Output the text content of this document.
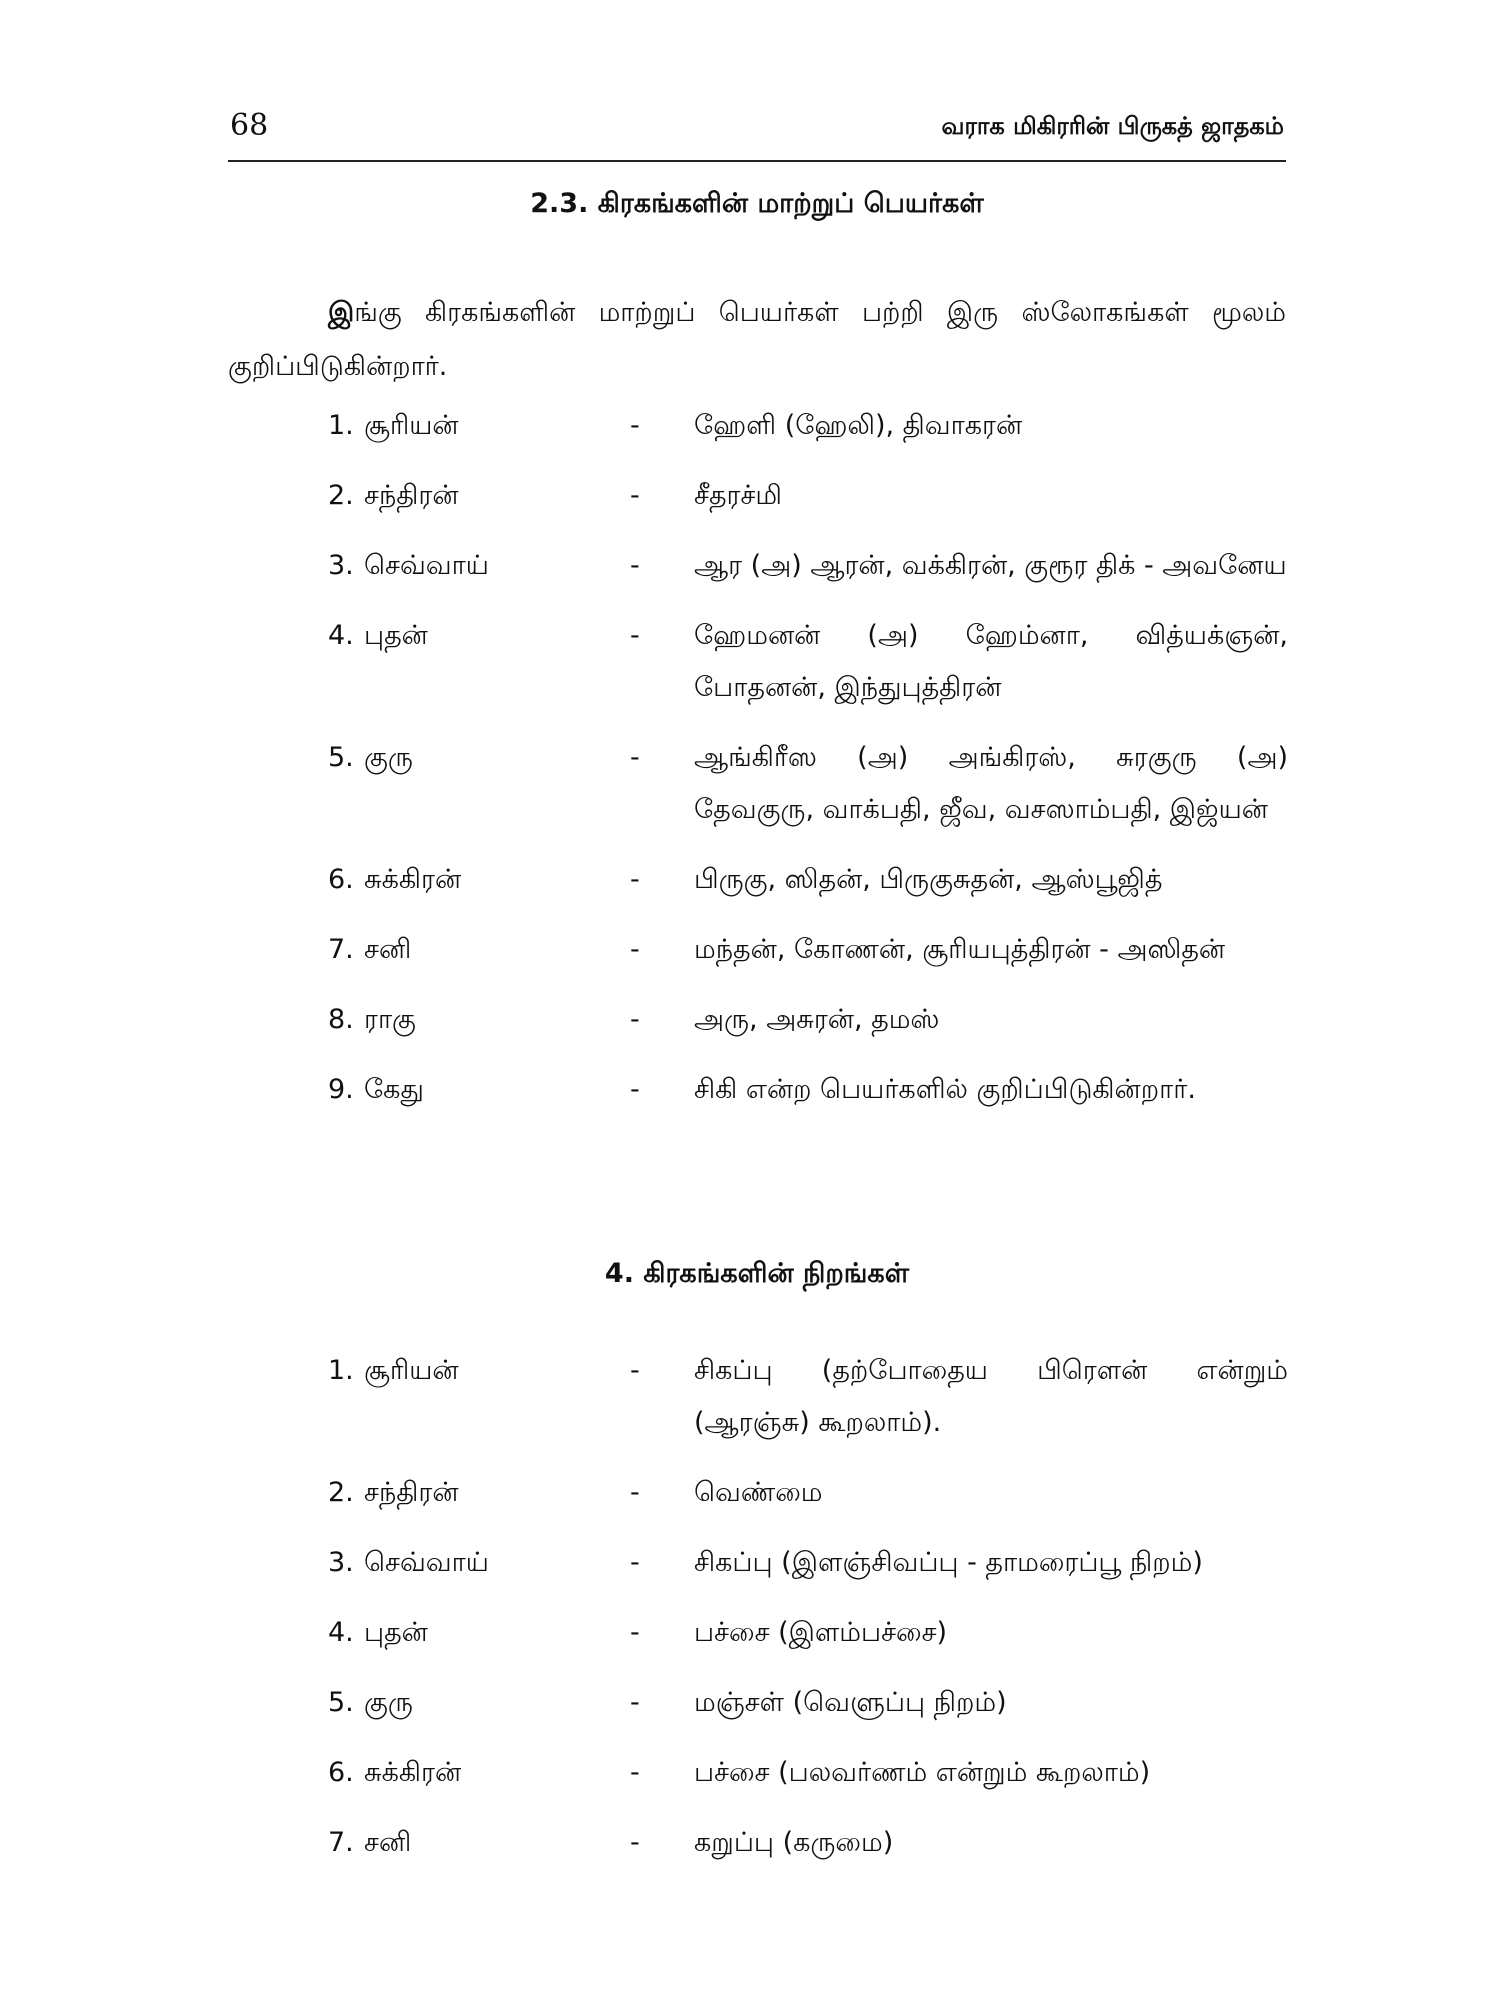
68	வராக மிகிரரின் பிருகத் ஜாதகம்
2.3. கிரகங்களின் மாற்றுப் பெயர்கள்

இங்கு கிரகங்களின் மாற்றுப் பெயர்கள் பற்றி இரு ஸ்லோகங்கள் மூலம் குறிப்பிடுகின்றார்.

1. சூரியன்	-	ஹேளி (ஹேலி), திவாகரன்
2. சந்திரன்	-	சீதரச்மி
3. செவ்வாய்	-	ஆர (அ) ஆரன், வக்கிரன், குரூர திக் - அவனேய
4. புதன்	-	ஹேமனன் (அ) ஹேம்னா, வித்யக்ஞன், போதனன், இந்துபுத்திரன்
5. குரு	-	ஆங்கிரீஸ (அ) அங்கிரஸ், சுரகுரு (அ) தேவகுரு, வாக்பதி, ஜீவ, வசஸாம்பதி, இஜ்யன்
6. சுக்கிரன்	-	பிருகு, ஸிதன், பிருகுசுதன், ஆஸ்பூஜித்
7. சனி	-	மந்தன், கோணன், சூரியபுத்திரன் - அஸிதன்
8. ராகு	-	அரு, அசுரன், தமஸ்
9. கேது	-	சிகி என்ற பெயர்களில் குறிப்பிடுகின்றார்.
4. கிரகங்களின் நிறங்கள்
1. சூரியன்	-	சிகப்பு (தற்போதைய பிரௌன் என்றும் (ஆரஞ்சு) கூறலாம்).
2. சந்திரன்	-	வெண்மை
3. செவ்வாய்	-	சிகப்பு (இளஞ்சிவப்பு - தாமரைப்பூ நிறம்)
4. புதன்	-	பச்சை (இளம்பச்சை)
5. குரு	-	மஞ்சள் (வெளுப்பு நிறம்)
6. சுக்கிரன்	-	பச்சை (பலவர்ணம் என்றும் கூறலாம்)
7. சனி	-	கறுப்பு (கருமை)
